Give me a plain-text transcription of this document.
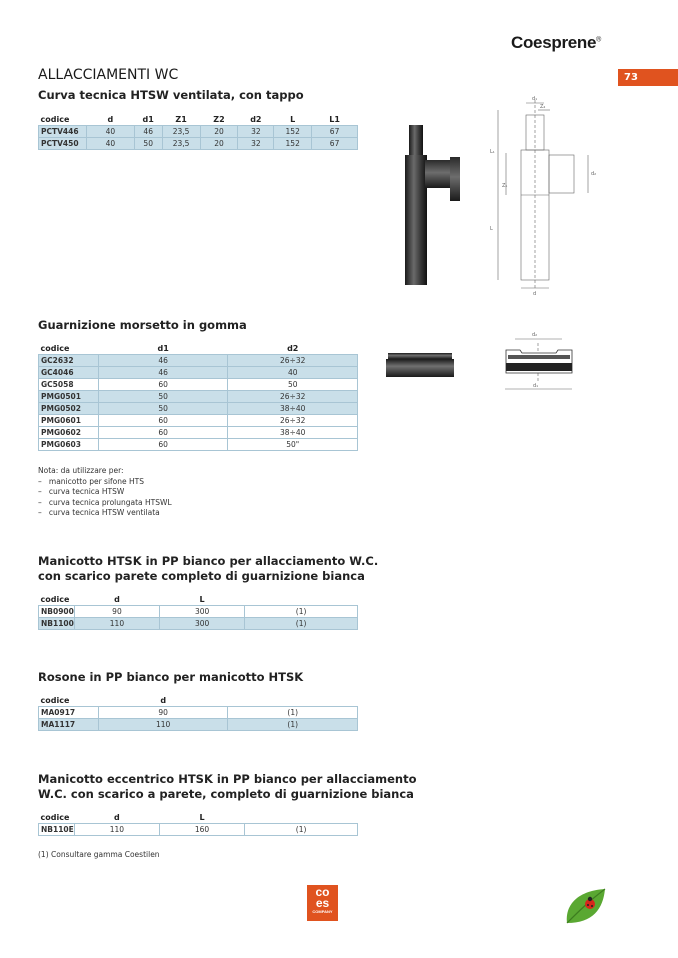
Coesprene®
73
ALLACCIAMENTI WC
Curva tecnica HTSW ventilata, con tappo
codice	d	d1	Z1	Z2	d2	L	L1
PCTV446	40	46	23,5	20	32	152	67
PCTV450	40	50	23,5	20	32	152	67
d₁
Z₂
L₁
Z₁
d₂
L
d
Guarnizione morsetto in gomma
codice	d1	d2
GC2632	46	26÷32
GC4046	46	40
GC5058	60	50
PMG0501	50	26÷32
PMG0502	50	38÷40
PMG0601	60	26÷32
PMG0602	60	38÷40
PMG0603	60	50"
d₂
d₁
Nota: da utilizzare per:
–   manicotto per sifone HTS
–   curva tecnica HTSW
–   curva tecnica prolungata HTSWL
–   curva tecnica HTSW ventilata
Manicotto HTSK in PP bianco per allacciamento W.C.
con scarico parete completo di guarnizione bianca
codice	d	L	
NB0900	90	300	(1)
NB1100	110	300	(1)
Rosone in PP bianco per manicotto HTSK
codice	d	
MA0917	90	(1)
MA1117	110	(1)
Manicotto eccentrico HTSK in PP bianco per allacciamento
W.C. con scarico a parete, completo di guarnizione bianca
codice	d	L	
NB110E	110	160	(1)
(1) Consultare gamma Coestilen
co
es
COMPANY
